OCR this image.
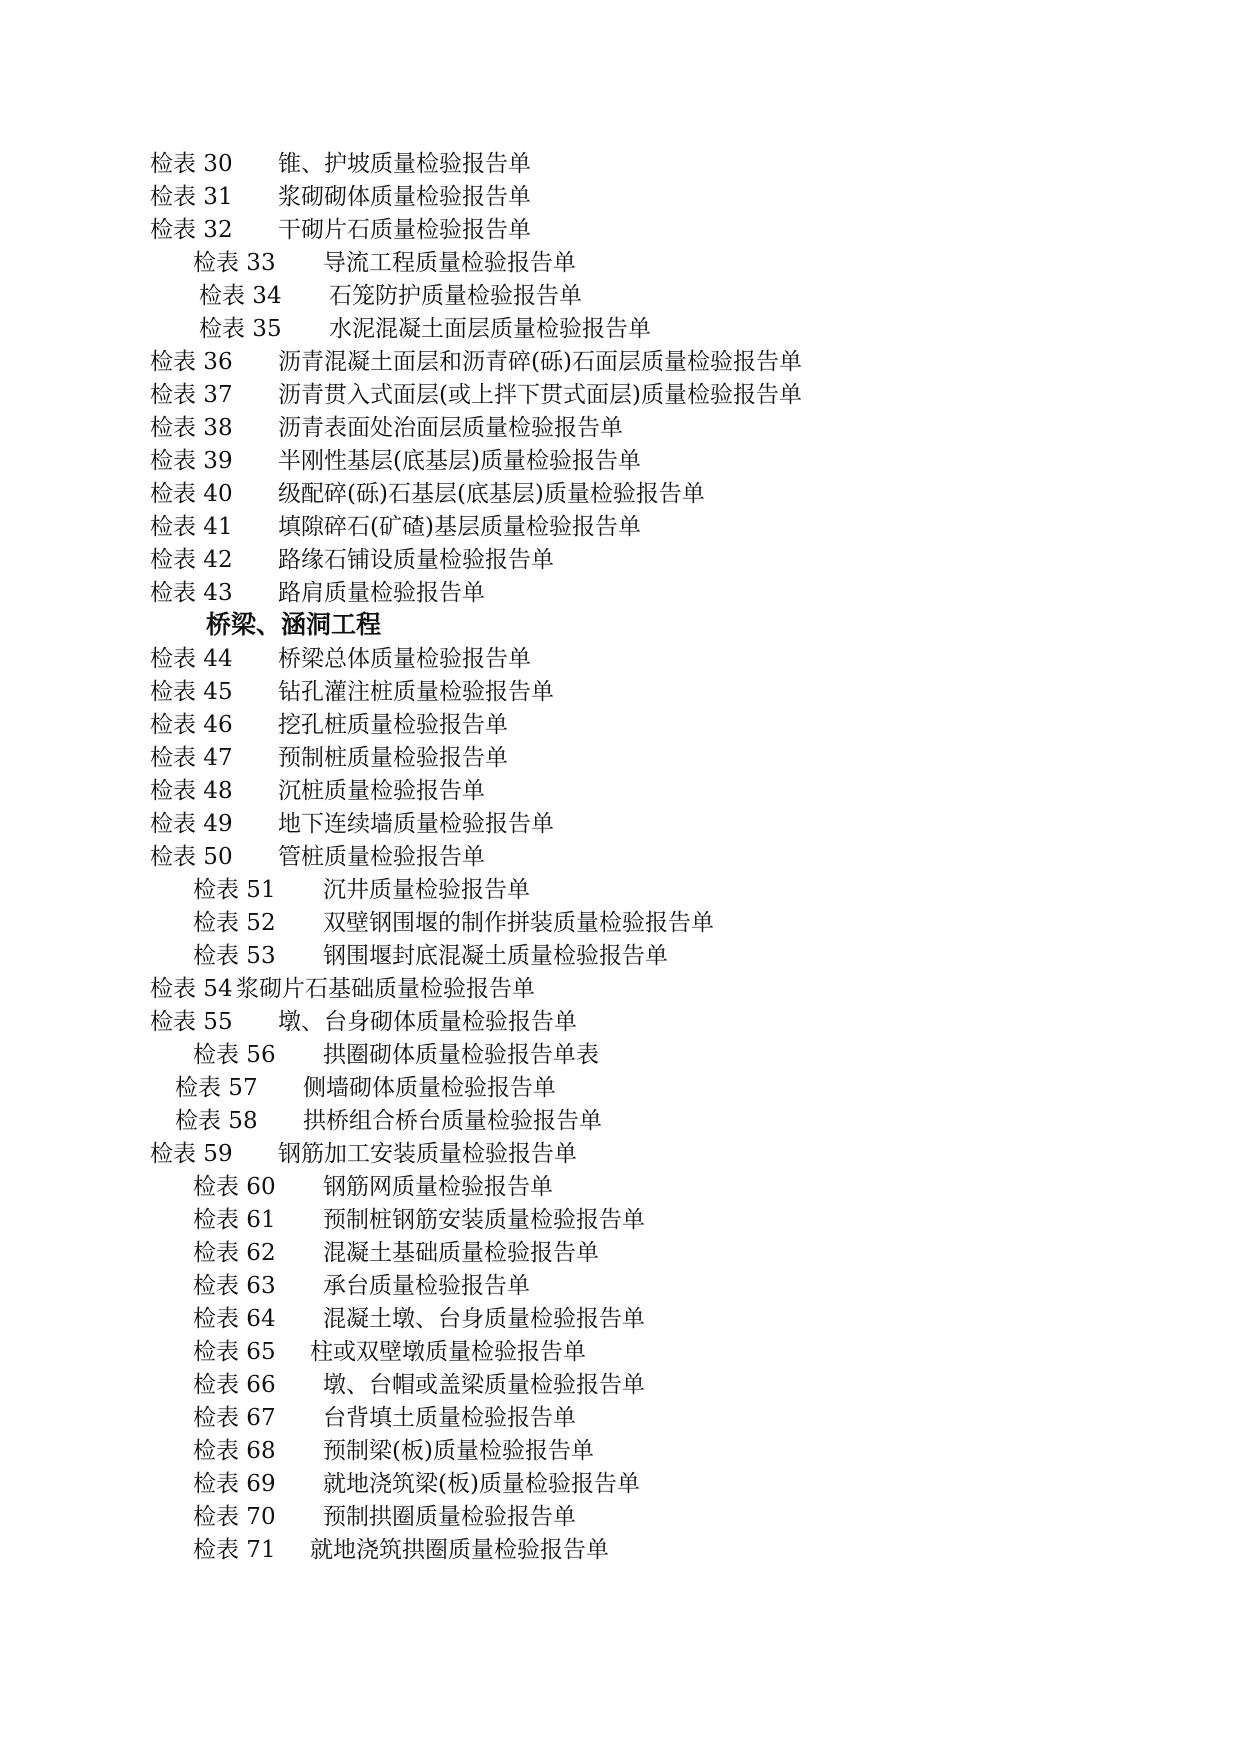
检表 30 锥、护坡质量检验报告单
检表 31 浆砌砌体质量检验报告单
检表 32 干砌片石质量检验报告单
检表 33 导流工程质量检验报告单
检表 34 石笼防护质量检验报告单
检表 35 水泥混凝土面层质量检验报告单
检表 36 沥青混凝土面层和沥青碎(砾)石面层质量检验报告单
检表 37 沥青贯入式面层(或上拌下贯式面层)质量检验报告单
检表 38 沥青表面处治面层质量检验报告单
检表 39 半刚性基层(底基层)质量检验报告单
检表 40 级配碎(砾)石基层(底基层)质量检验报告单
检表 41 填隙碎石(矿碴)基层质量检验报告单
检表 42 路缘石铺设质量检验报告单
检表 43 路肩质量检验报告单
桥梁、涵洞工程
检表 44 桥梁总体质量检验报告单
检表 45 钻孔灌注桩质量检验报告单
检表 46 挖孔桩质量检验报告单
检表 47 预制桩质量检验报告单
检表 48 沉桩质量检验报告单
检表 49 地下连续墙质量检验报告单
检表 50 管桩质量检验报告单
检表 51 沉井质量检验报告单
检表 52 双壁钢围堰的制作拼装质量检验报告单
检表 53 钢围堰封底混凝土质量检验报告单
检表 54 浆砌片石基础质量检验报告单
检表 55 墩、台身砌体质量检验报告单
检表 56 拱圈砌体质量检验报告单表
检表 57 侧墙砌体质量检验报告单
检表 58 拱桥组合桥台质量检验报告单
检表 59 钢筋加工安装质量检验报告单
检表 60 钢筋网质量检验报告单
检表 61 预制桩钢筋安装质量检验报告单
检表 62 混凝土基础质量检验报告单
检表 63 承台质量检验报告单
检表 64 混凝土墩、台身质量检验报告单
检表 65 柱或双壁墩质量检验报告单
检表 66 墩、台帽或盖梁质量检验报告单
检表 67 台背填土质量检验报告单
检表 68 预制梁(板)质量检验报告单
检表 69 就地浇筑梁(板)质量检验报告单
检表 70 预制拱圈质量检验报告单
检表 71 就地浇筑拱圈质量检验报告单
